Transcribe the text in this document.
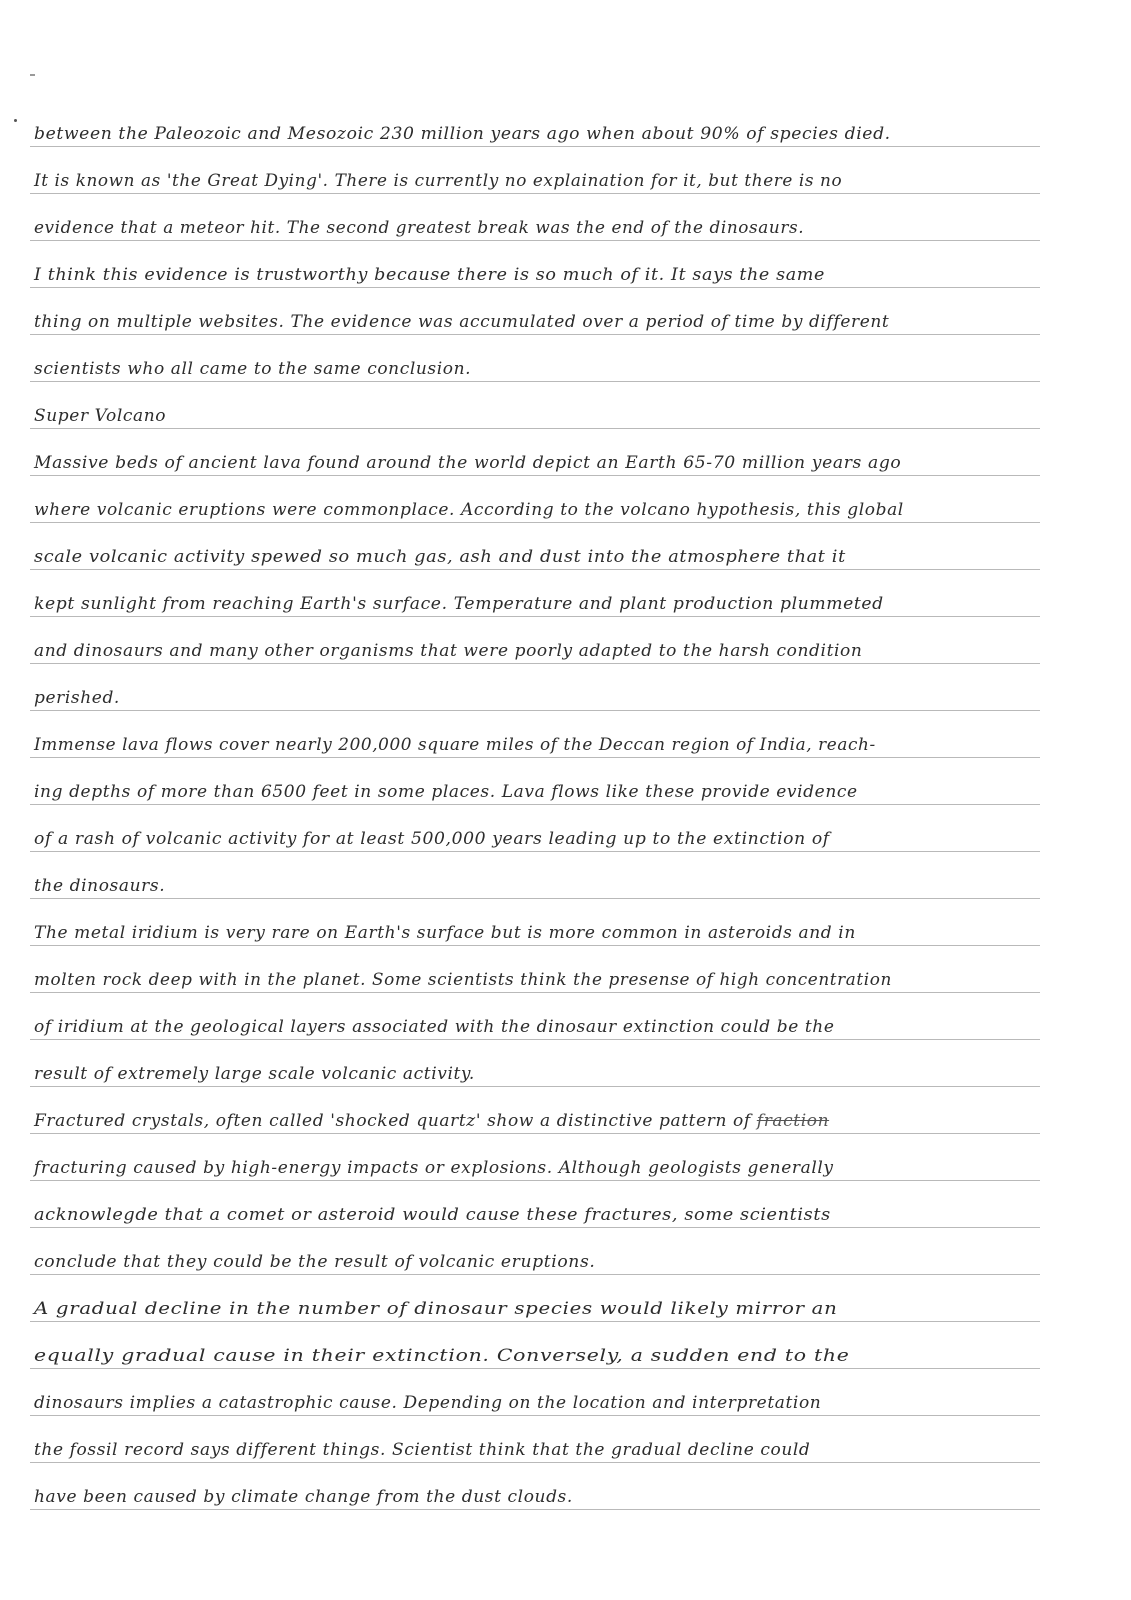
between the Paleozoic and Mesozoic 230 million years ago when about 90% of species died.
It is known as 'the Great Dying'. There is currently no explaination for it, but there is no
evidence that a meteor hit. The second greatest break was the end of the dinosaurs.
I think this evidence is trustworthy because there is so much of it. It says the same
thing on multiple websites. The evidence was accumulated over a period of time by different
scientists who all came to the same conclusion.
Super Volcano
Massive beds of ancient lava found around the world depict an Earth 65-70 million years ago
where volcanic eruptions were commonplace. According to the volcano hypothesis, this global
scale volcanic activity spewed so much gas, ash and dust into the atmosphere that it
kept sunlight from reaching Earth's surface. Temperature and plant production plummeted
and dinosaurs and many other organisms that were poorly adapted to the harsh condition
perished.
Immense lava flows cover nearly 200,000 square miles of the Deccan region of India, reach-
ing depths of more than 6500 feet in some places. Lava flows like these provide evidence
of a rash of volcanic activity for at least 500,000 years leading up to the extinction of
the dinosaurs.
The metal iridium is very rare on Earth's surface but is more common in asteroids and in
molten rock deep with in the planet. Some scientists think the presense of high concentration
of iridium at the geological layers associated with the dinosaur extinction could be the
result of extremely large scale volcanic activity.
Fractured crystals, often called 'shocked quartz' show a distinctive pattern of fraction
fracturing caused by high-energy impacts or explosions. Although geologists generally
acknowlegde that a comet or asteroid would cause these fractures, some scientists
conclude that they could be the result of volcanic eruptions.
A gradual decline in the number of dinosaur species would likely mirror an
equally gradual cause in their extinction. Conversely, a sudden end to the
dinosaurs implies a catastrophic cause. Depending on the location and interpretation
the fossil record says different things. Scientist think that the gradual decline could
have been caused by climate change from the dust clouds.
